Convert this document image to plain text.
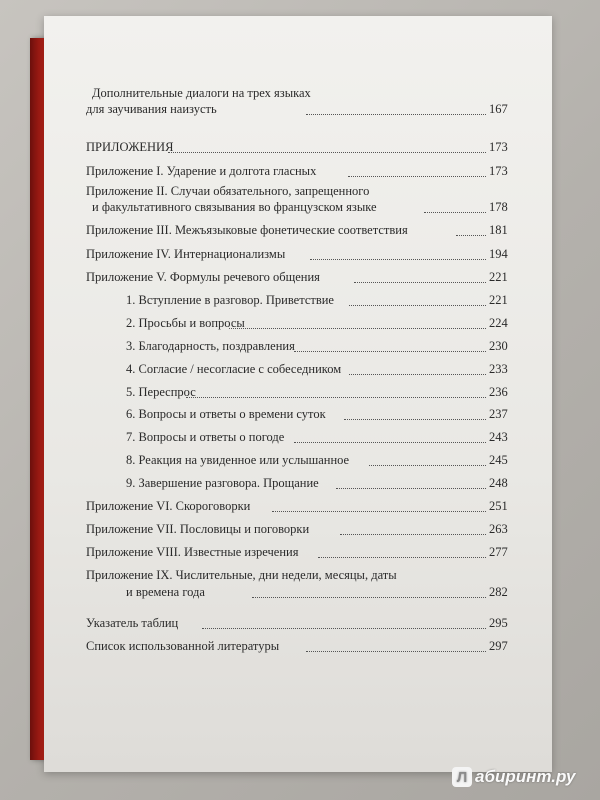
Дополнительные диалоги на трех языках
для заучивания наизусть	167
ПРИЛОЖЕНИЯ	173
Приложение I. Ударение и долгота гласных	173
Приложение II. Случаи обязательного, запрещенного
и факультативного связывания во французском языке	178
Приложение III. Межъязыковые фонетические соответствия	181
Приложение IV. Интернационализмы	194
Приложение V. Формулы речевого общения	221
1. Вступление в разговор. Приветствие	221
2. Просьбы и вопросы	224
3. Благодарность, поздравления	230
4. Согласие / несогласие с собеседником	233
5. Переспрос	236
6. Вопросы и ответы о времени суток	237
7. Вопросы и ответы о погоде	243
8. Реакция на увиденное или услышанное	245
9. Завершение разговора. Прощание	248
Приложение VI. Скороговорки	251
Приложение VII. Пословицы и поговорки	263
Приложение VIII. Известные изречения	277
Приложение IX. Числительные, дни недели, месяцы, даты
и времена года	282
Указатель таблиц	295
Список использованной литературы	297
Л абиринт.ру
